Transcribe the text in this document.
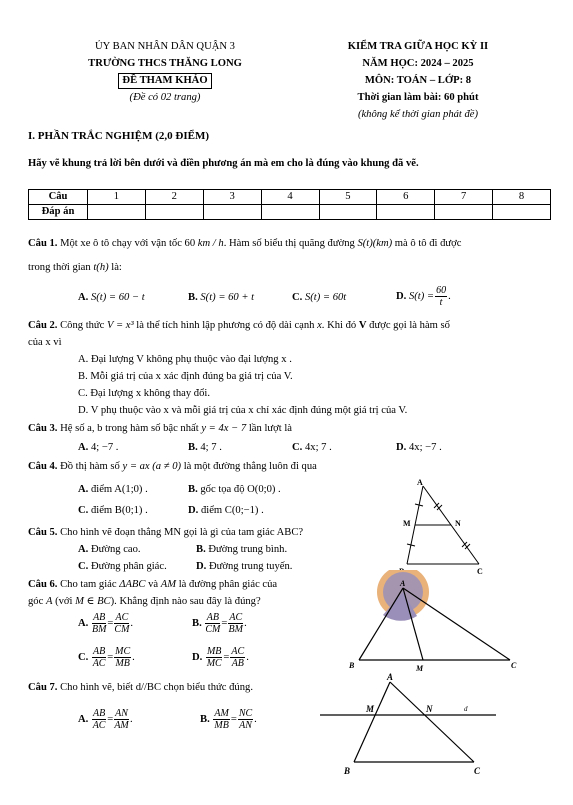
ỦY BAN NHÂN DÂN QUẬN 3
TRƯỜNG THCS THĂNG LONG
ĐỀ THAM KHẢO
(Đề có 02 trang)
KIỂM TRA GIỮA HỌC KỲ II
NĂM HỌC: 2024 – 2025
MÔN: TOÁN – LỚP: 8
Thời gian làm bài: 60 phút
(không kể thời gian phát đề)
I. PHẦN TRẮC NGHIỆM (2,0 ĐIỂM)
Hãy vẽ khung trả lời bên dưới và điền phương án mà em cho là đúng vào khung đã vẽ.
Câu	1	2	3	4	5	6	7	8
Đáp án								
Câu 1. Một xe ô tô chạy với vận tốc 60 km / h. Hàm số biểu thị quãng đường S(t)(km) mà ô tô đi được
trong thời gian t(h) là:
A. S(t) = 60 − t	B. S(t) = 60 + t	C. S(t) = 60t	D. $S(t) = \frac{60}{t}$ .
Câu 2. Công thức V = x³ là thể tích hình lập phương có độ dài cạnh x. Khi đó V được gọi là hàm số
của x vì
A. Đại lượng V không phụ thuộc vào đại lượng x .
B. Mỗi giá trị của x xác định đúng ba giá trị của V.
C. Đại lượng x không thay đổi.
D. V phụ thuộc vào x và mỗi giá trị của x chỉ xác định đúng một giá trị của V.
Câu 3. Hệ số a, b trong hàm số bậc nhất y = 4x − 7 lần lượt là
A. 4; −7 .	B. 4; 7 .	C. 4x; 7 .	D. 4x; −7 .
Câu 4. Đồ thị hàm số y = ax (a ≠ 0) là một đường thẳng luôn đi qua
A. điểm A(1;0) .	B. gốc tọa độ O(0;0) .
C. điểm B(0;1) .	D. điểm C(0;−1) .
Câu 5. Cho hình vẽ đoạn thẳng MN gọi là gì của tam giác ABC?
A. Đường cao.	B. Đường trung bình.
C. Đường phân giác.	D. Đường trung tuyến.
Câu 6. Cho tam giác ΔABC và AM là đường phân giác của
góc A (với M ∈ BC). Khẳng định nào sau đây là đúng?
A. $\frac{AB}{BM} = \frac{AC}{CM}$ .	B. $\frac{AB}{CM} = \frac{AC}{BM}$ .
C. $\frac{AB}{AC} = \frac{MC}{MB}$ .	D. $\frac{MB}{MC} = \frac{AC}{AB}$ .
Câu 7. Cho hình vẽ, biết d//BC chọn biểu thức đúng.
A. $\frac{AB}{AC} = \frac{AN}{AM}$ .	B. $\frac{AM}{MB} = \frac{NC}{AN}$ .
A
M	N
C
A
B	M	C
A
M	N	d
B	C
